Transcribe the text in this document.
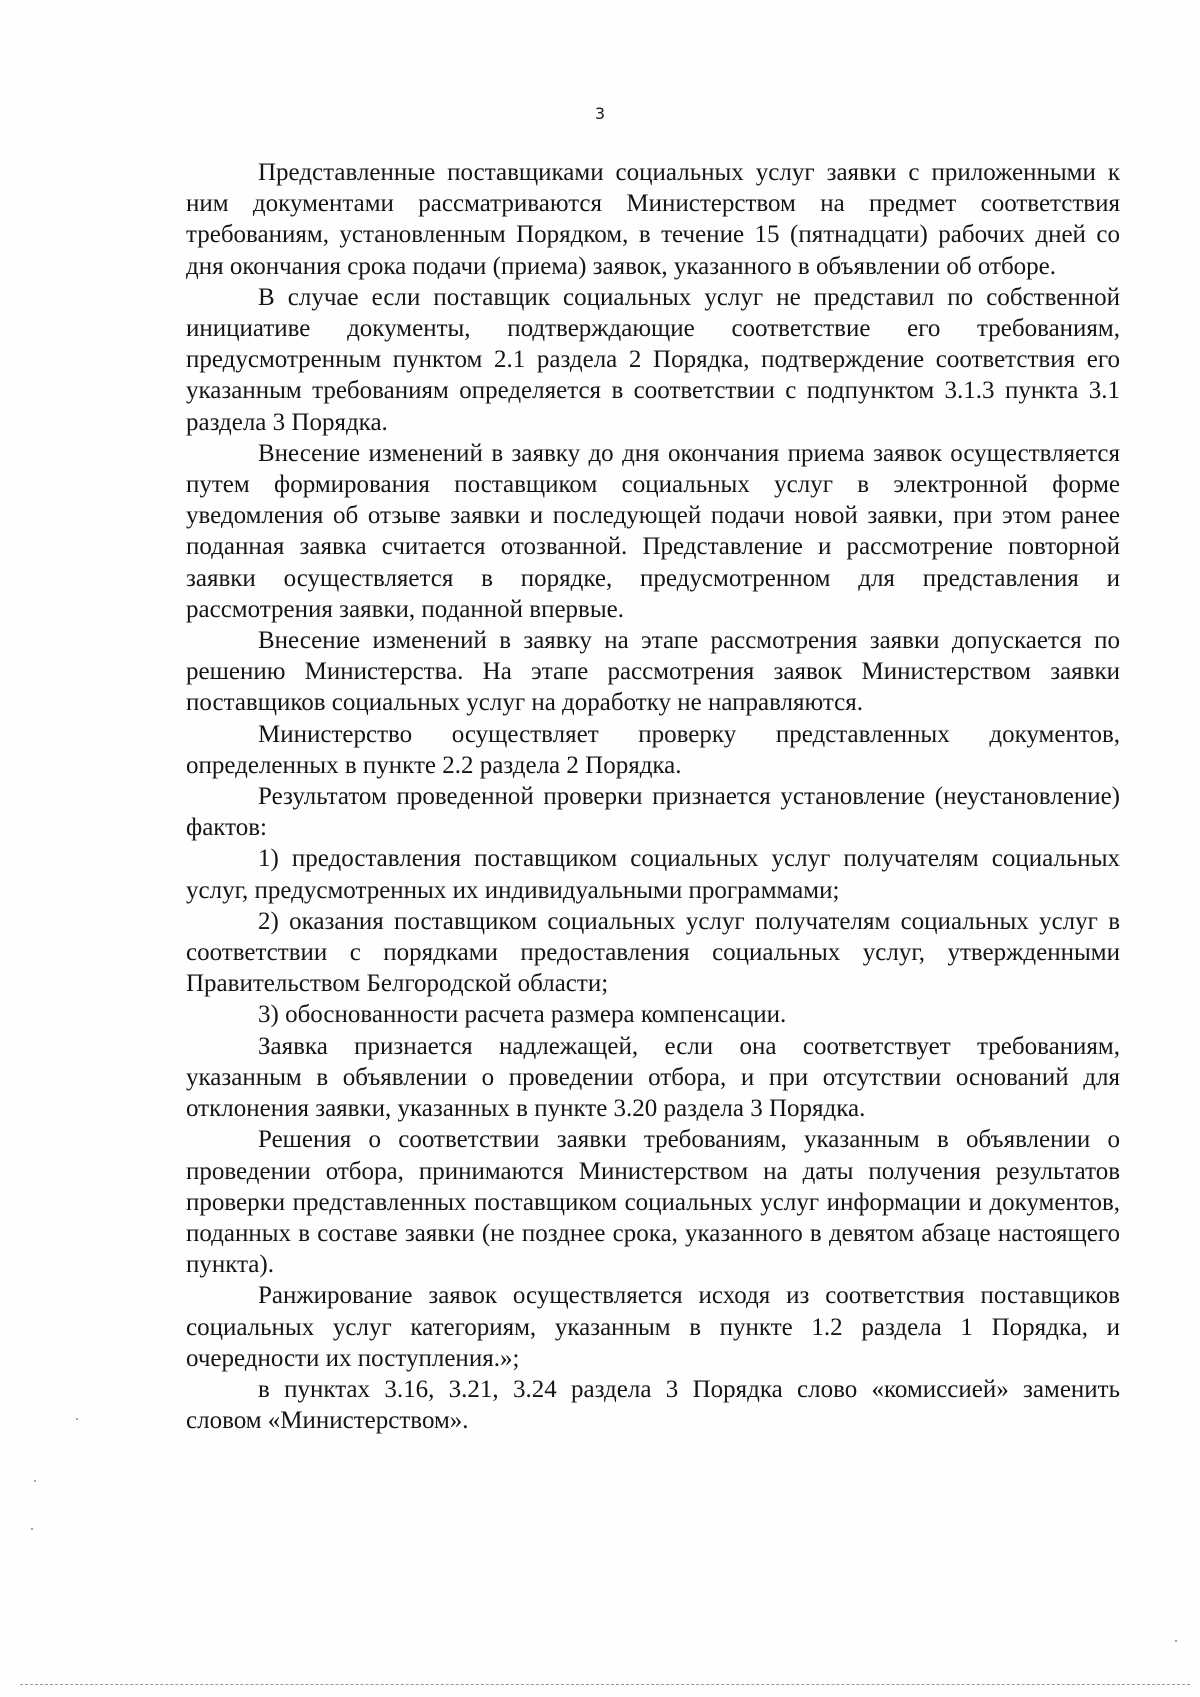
3

Представленные поставщиками социальных услуг заявки с приложенными к ним документами рассматриваются Министерством на предмет соответствия требованиям, установленным Порядком, в течение 15 (пятнадцати) рабочих дней со дня окончания срока подачи (приема) заявок, указанного в объявлении об отборе.

В случае если поставщик социальных услуг не представил по собственной инициативе документы, подтверждающие соответствие его требованиям, предусмотренным пунктом 2.1 раздела 2 Порядка, подтверждение соответствия его указанным требованиям определяется в соответствии с подпунктом 3.1.3 пункта 3.1 раздела 3 Порядка.

Внесение изменений в заявку до дня окончания приема заявок осуществляется путем формирования поставщиком социальных услуг в электронной форме уведомления об отзыве заявки и последующей подачи новой заявки, при этом ранее поданная заявка считается отозванной. Представление и рассмотрение повторной заявки осуществляется в порядке, предусмотренном для представления и рассмотрения заявки, поданной впервые.

Внесение изменений в заявку на этапе рассмотрения заявки допускается по решению Министерства. На этапе рассмотрения заявок Министерством заявки поставщиков социальных услуг на доработку не направляются.

Министерство осуществляет проверку представленных документов, определенных в пункте 2.2 раздела 2 Порядка.

Результатом проведенной проверки признается установление (неустановление) фактов:

1) предоставления поставщиком социальных услуг получателям социальных услуг, предусмотренных их индивидуальными программами;

2) оказания поставщиком социальных услуг получателям социальных услуг в соответствии с порядками предоставления социальных услуг, утвержденными Правительством Белгородской области;

3) обоснованности расчета размера компенсации.

Заявка признается надлежащей, если она соответствует требованиям, указанным в объявлении о проведении отбора, и при отсутствии оснований для отклонения заявки, указанных в пункте 3.20 раздела 3 Порядка.

Решения о соответствии заявки требованиям, указанным в объявлении о проведении отбора, принимаются Министерством на даты получения результатов проверки представленных поставщиком социальных услуг информации и документов, поданных в составе заявки (не позднее срока, указанного в девятом абзаце настоящего пункта).

Ранжирование заявок осуществляется исходя из соответствия поставщиков социальных услуг категориям, указанным в пункте 1.2 раздела 1 Порядка, и очередности их поступления.»;

в пунктах 3.16, 3.21, 3.24 раздела 3 Порядка слово «комиссией» заменить словом «Министерством».
